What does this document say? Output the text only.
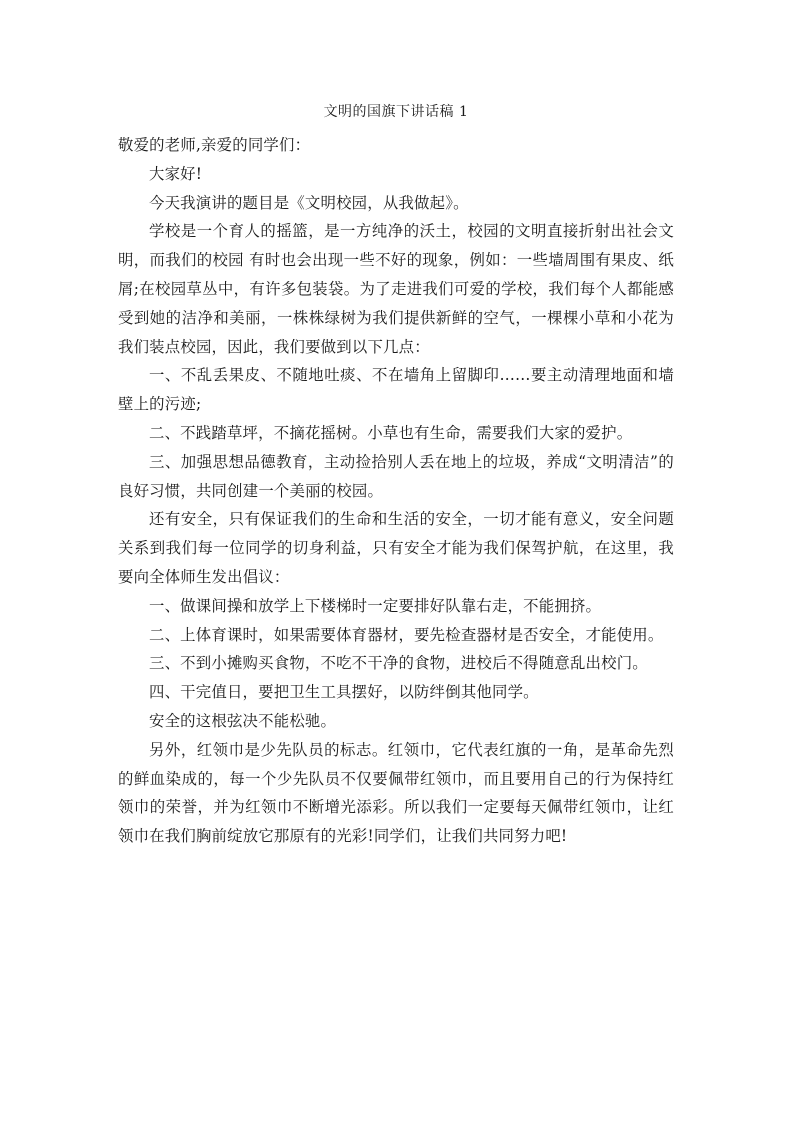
文明的国旗下讲话稿 1

敬爱的老师,亲爱的同学们：

大家好!

今天我演讲的题目是《文明校园，从我做起》。

学校是一个育人的摇篮，是一方纯净的沃土，校园的文明直接折射出社会文明，而我们的校园 有时也会出现一些不好的现象，例如：一些墙周围有果皮、纸屑;在校园草丛中，有许多包装袋。为了走进我们可爱的学校，我们每个人都能感受到她的洁净和美丽，一株株绿树为我们提供新鲜的空气，一棵棵小草和小花为我们装点校园，因此，我们要做到以下几点：

一、不乱丢果皮、不随地吐痰、不在墙角上留脚印……要主动清理地面和墙壁上的污迹;

二、不践踏草坪，不摘花摇树。小草也有生命，需要我们大家的爱护。

三、加强思想品德教育，主动捡拾别人丢在地上的垃圾，养成“文明清洁”的良好习惯，共同创建一个美丽的校园。

还有安全，只有保证我们的生命和生活的安全，一切才能有意义，安全问题关系到我们每一位同学的切身利益，只有安全才能为我们保驾护航，在这里，我要向全体师生发出倡议：

一、做课间操和放学上下楼梯时一定要排好队靠右走，不能拥挤。

二、上体育课时，如果需要体育器材，要先检查器材是否安全，才能使用。

三、不到小摊购买食物，不吃不干净的食物，进校后不得随意乱出校门。

四、干完值日，要把卫生工具摆好，以防绊倒其他同学。

安全的这根弦决不能松驰。

另外，红领巾是少先队员的标志。红领巾，它代表红旗的一角，是革命先烈的鲜血染成的，每一个少先队员不仅要佩带红领巾，而且要用自己的行为保持红领巾的荣誉，并为红领巾不断增光添彩。所以我们一定要每天佩带红领巾，让红领巾在我们胸前绽放它那原有的光彩!同学们，让我们共同努力吧!
